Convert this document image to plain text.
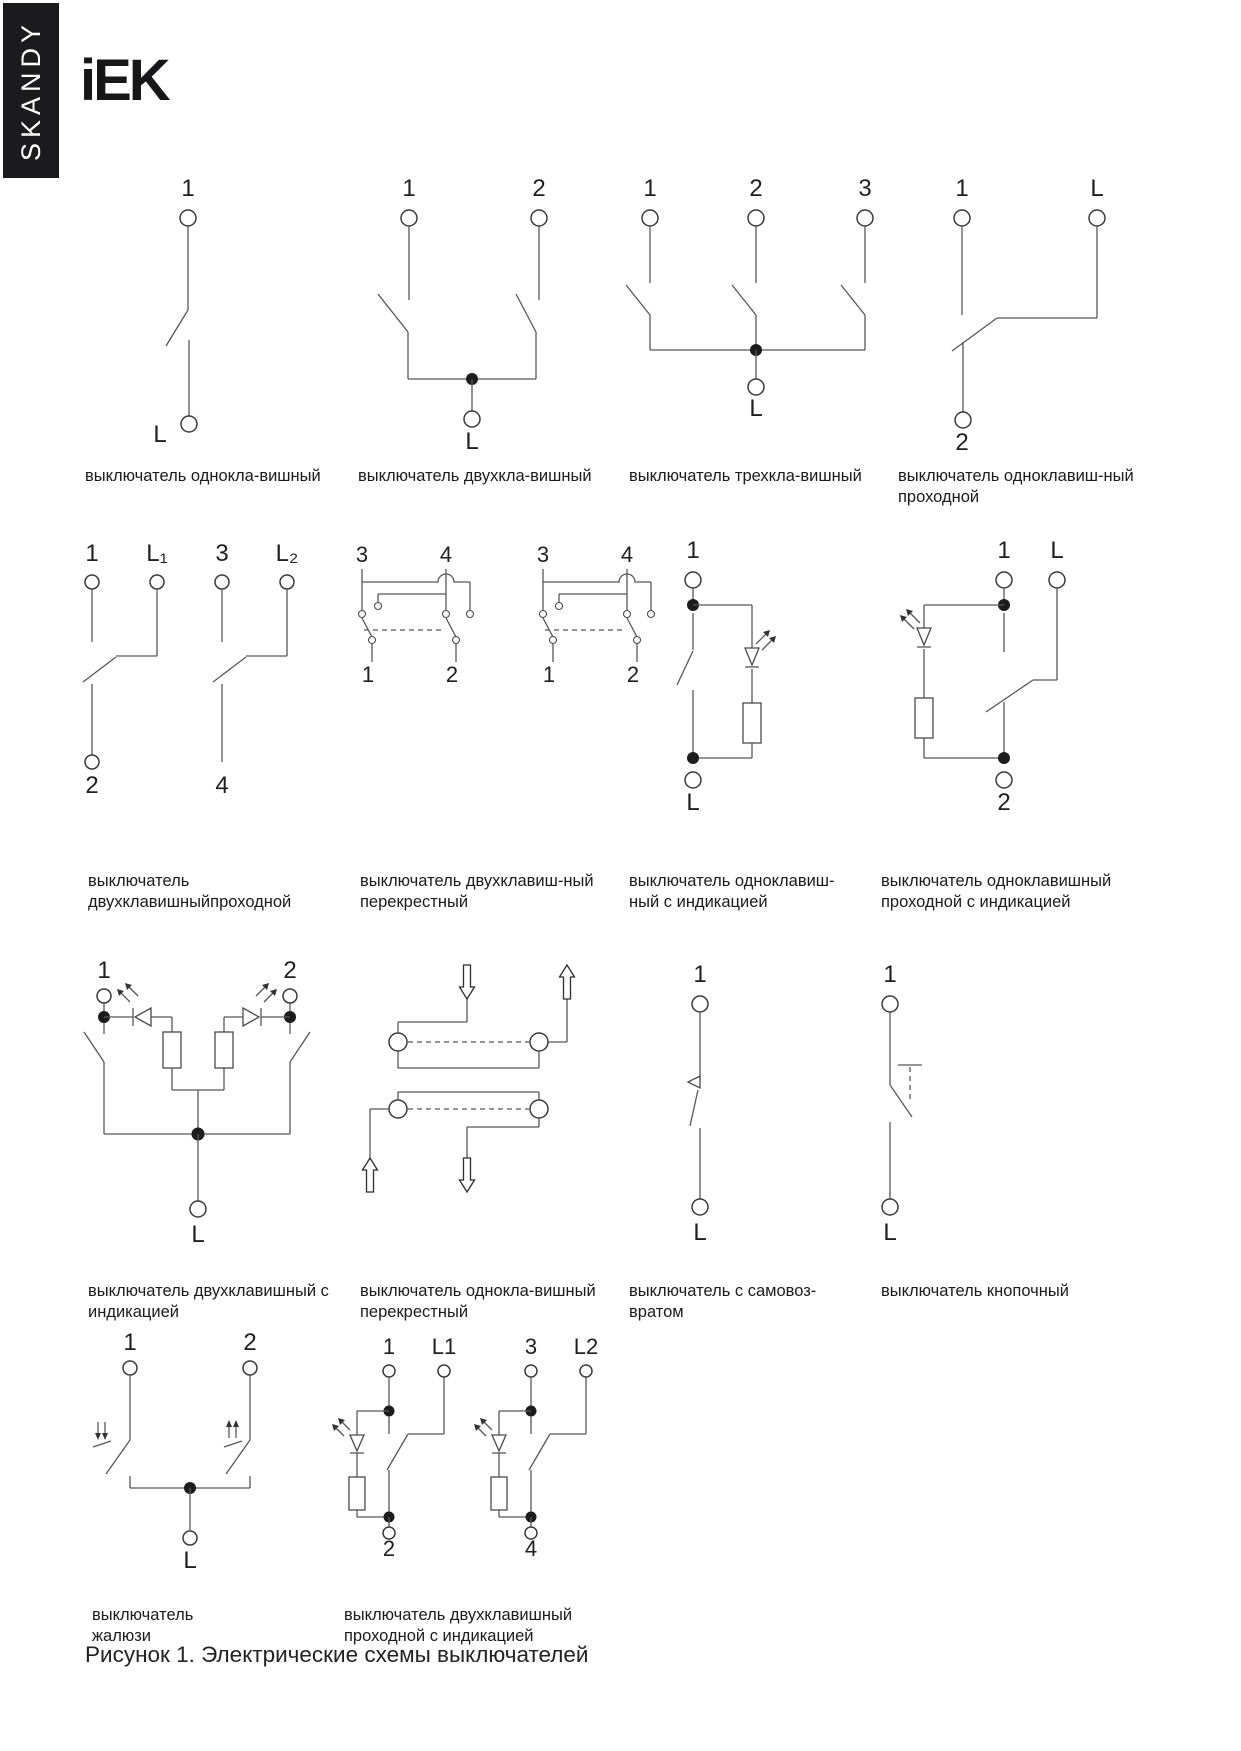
SKANDY iEK
1
L
1	2
L
1	2	3
L
1	L
2
выключатель однокла-вишный	выключатель двухкла-вишный	выключатель трехкла-вишный	выключатель одноклавиш-ный
проходной
1 L₁ 3 L₂
2	4
3	4
1	2
3	4
1	2
1
L
1 L
2
выключатель
двухклавишныйпроходной
выключатель двухклавиш-ный
перекрестный
выключатель одноклавиш-
ный с индикацией
выключатель одноклавишный
проходной с индикацией
1	2
L
1
L
1
L
выключатель двухклавишный с
индикацией
выключатель однокла-вишный
перекрестный
выключатель с самовоз-
вратом
выключатель кнопочный
1	2
L
1 L1
2
3 L2
4
выключатель
жалюзи
выключатель двухклавишный
проходной с индикацией
Рисунок 1. Электрические схемы выключателей
